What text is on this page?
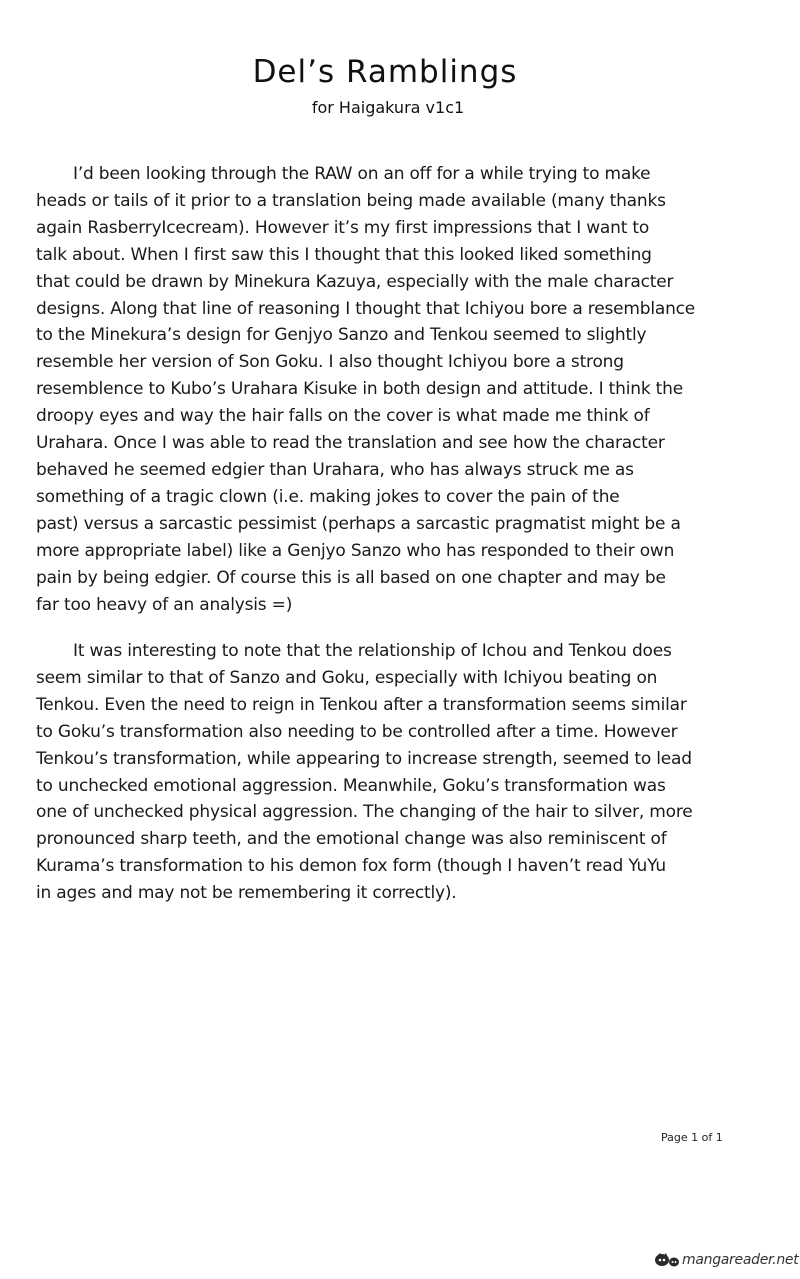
Del’s Ramblings
for Haigakura v1c1
I’d been looking through the RAW on an off for a while trying to make
heads or tails of it prior to a translation being made available (many thanks
again RasberryIcecream). However it’s my first impressions that I want to
talk about. When I first saw this I thought that this looked liked something
that could be drawn by Minekura Kazuya, especially with the male character
designs. Along that line of reasoning I thought that Ichiyou bore a resemblance
to the Minekura’s design for Genjyo Sanzo and Tenkou seemed to slightly
resemble her version of Son Goku. I also thought Ichiyou bore a strong
resemblence to Kubo’s Urahara Kisuke in both design and attitude. I think the
droopy eyes and way the hair falls on the cover is what made me think of
Urahara. Once I was able to read the translation and see how the character
behaved he seemed edgier than Urahara, who has always struck me as
something of a tragic clown (i.e. making jokes to cover the pain of the
past) versus a sarcastic pessimist (perhaps a sarcastic pragmatist might be a
more appropriate label) like a Genjyo Sanzo who has responded to their own
pain by being edgier. Of course this is all based on one chapter and may be
far too heavy of an analysis =)
It was interesting to note that the relationship of Ichou and Tenkou does
seem similar to that of Sanzo and Goku, especially with Ichiyou beating on
Tenkou. Even the need to reign in Tenkou after a transformation seems similar
to Goku’s transformation also needing to be controlled after a time. However
Tenkou’s transformation, while appearing to increase strength, seemed to lead
to unchecked emotional aggression. Meanwhile, Goku’s transformation was
one of unchecked physical aggression. The changing of the hair to silver, more
pronounced sharp teeth, and the emotional change was also reminiscent of
Kurama’s transformation to his demon fox form (though I haven’t read YuYu
in ages and may not be remembering it correctly).
Page 1 of 1
mangareader.net
